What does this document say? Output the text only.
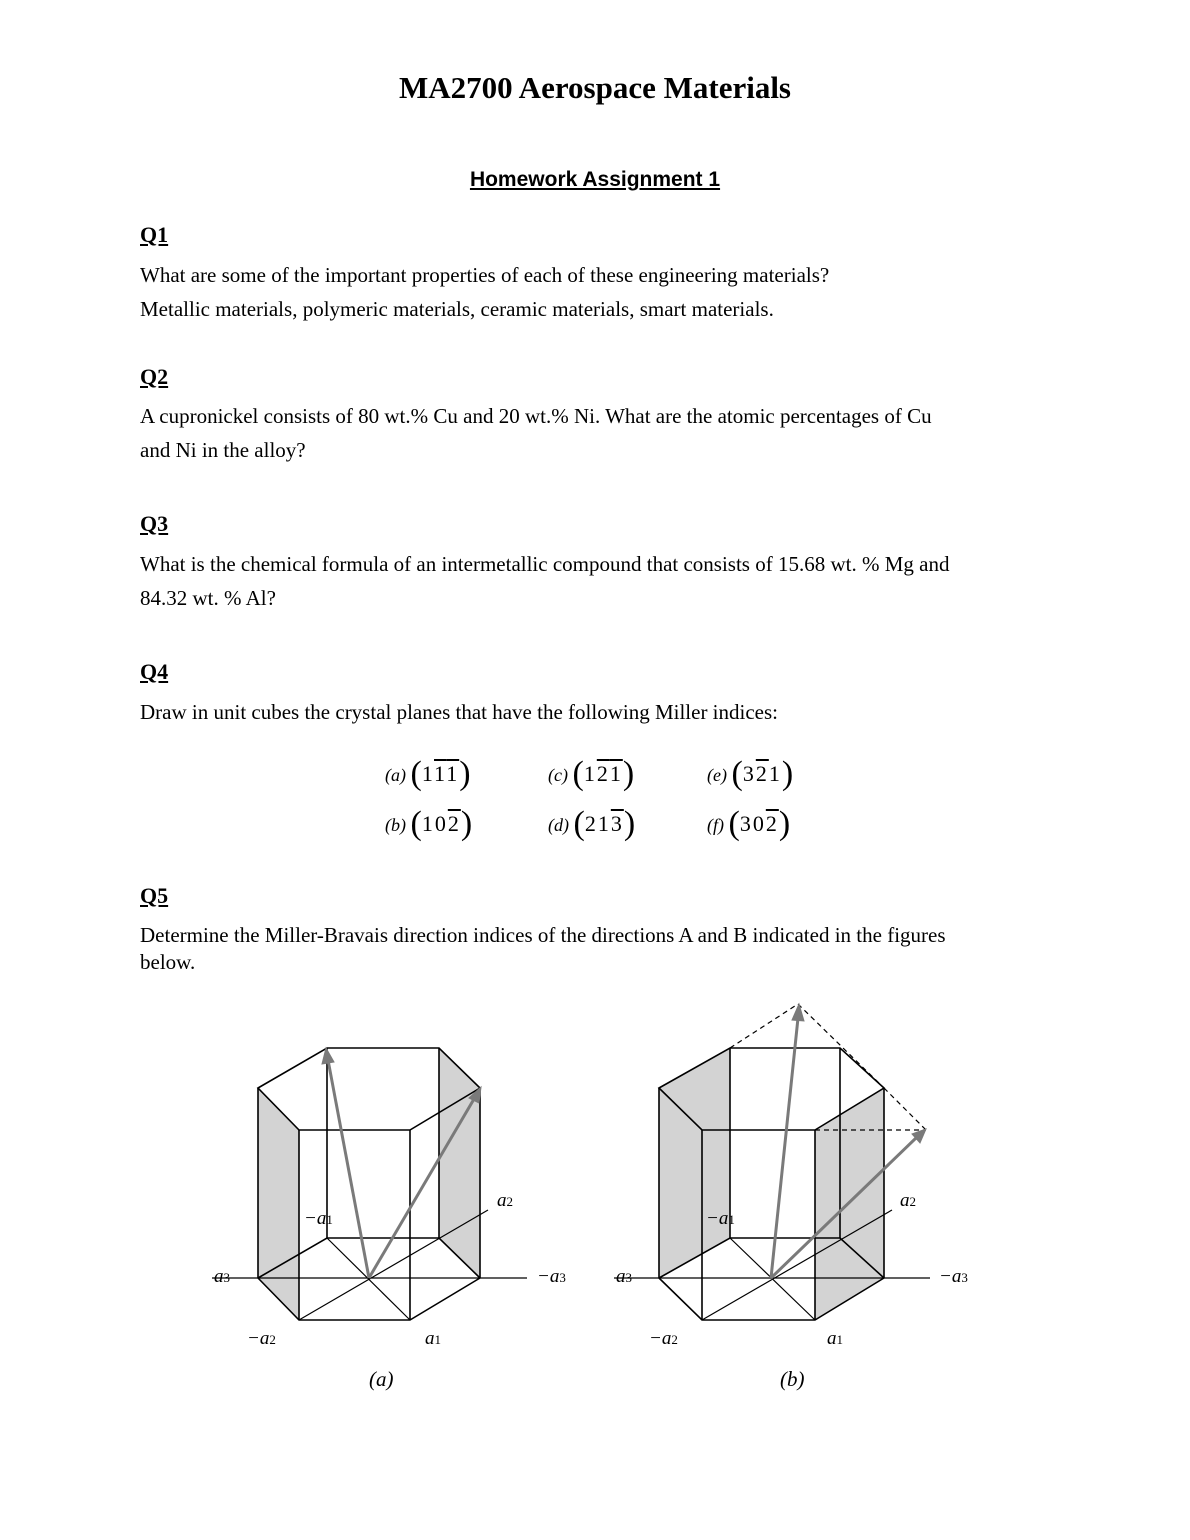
MA2700 Aerospace Materials
Homework Assignment 1
Q1
What are some of the important properties of each of these engineering materials?
Metallic materials, polymeric materials, ceramic materials, smart materials.
Q2
A cupronickel consists of 80 wt.% Cu and 20 wt.% Ni. What are the atomic percentages of Cu
and Ni in the alloy?
Q3
What is the chemical formula of an intermetallic compound that consists of 15.68 wt. % Mg and
84.32 wt. % Al?
Q4
Draw in unit cubes the crystal planes that have the following Miller indices:
(a) (111)	(c) (121)	(e) (321)
(b) (102)	(d) (213)	(f) (302)
Q5
Determine the Miller-Bravais direction indices of the directions A and B indicated in the figures
below.
a3	−a3
−a1
a2
−a2	a1
(a)
a3	−a3
−a1
a2
−a2	a1
(b)
